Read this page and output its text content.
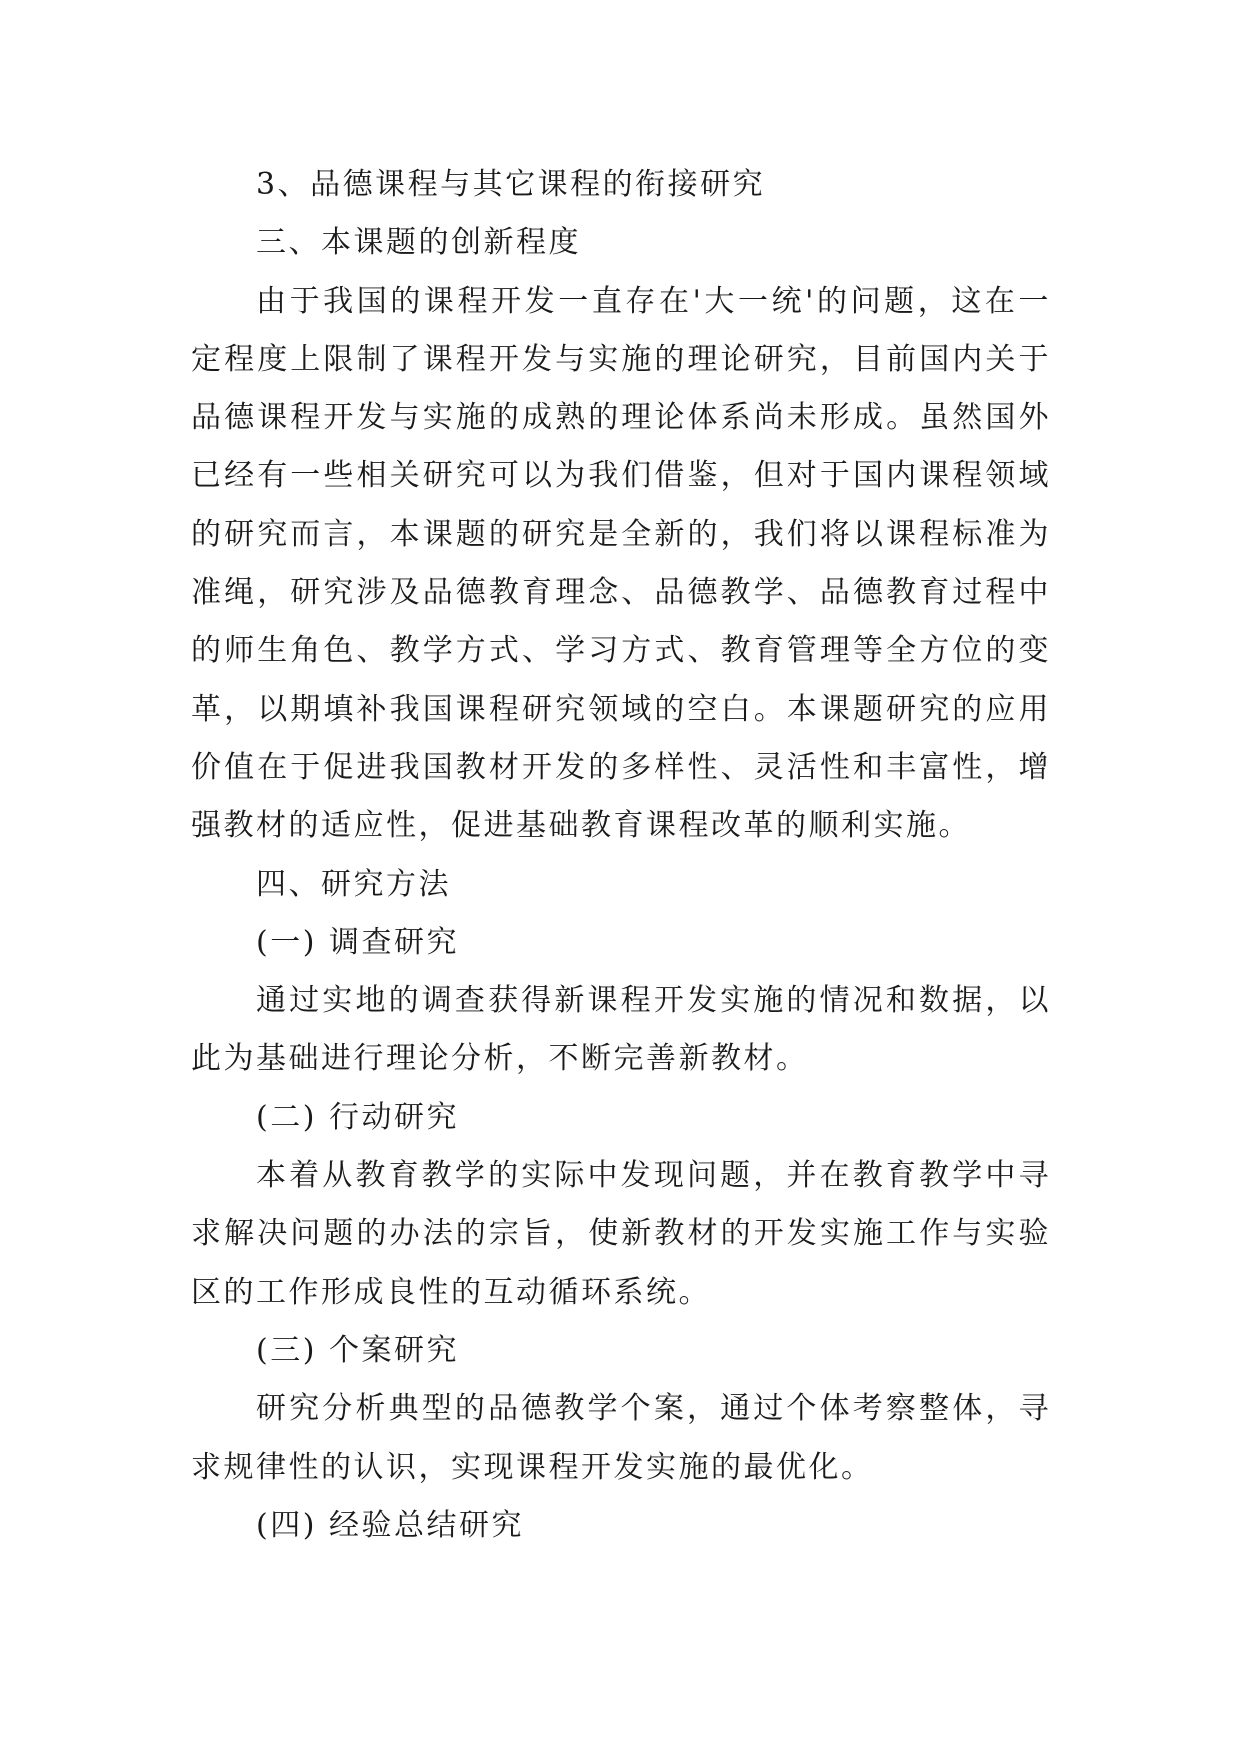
3、品德课程与其它课程的衔接研究

三、本课题的创新程度

由于我国的课程开发一直存在'大一统'的问题，这在一定程度上限制了课程开发与实施的理论研究，目前国内关于品德课程开发与实施的成熟的理论体系尚未形成。虽然国外已经有一些相关研究可以为我们借鉴，但对于国内课程领域的研究而言，本课题的研究是全新的，我们将以课程标准为准绳，研究涉及品德教育理念、品德教学、品德教育过程中的师生角色、教学方式、学习方式、教育管理等全方位的变革，以期填补我国课程研究领域的空白。本课题研究的应用价值在于促进我国教材开发的多样性、灵活性和丰富性，增强教材的适应性，促进基础教育课程改革的顺利实施。

四、研究方法

(一) 调查研究

通过实地的调查获得新课程开发实施的情况和数据，以此为基础进行理论分析，不断完善新教材。

(二) 行动研究

本着从教育教学的实际中发现问题，并在教育教学中寻求解决问题的办法的宗旨，使新教材的开发实施工作与实验区的工作形成良性的互动循环系统。

(三) 个案研究

研究分析典型的品德教学个案，通过个体考察整体，寻求规律性的认识，实现课程开发实施的最优化。

(四) 经验总结研究
